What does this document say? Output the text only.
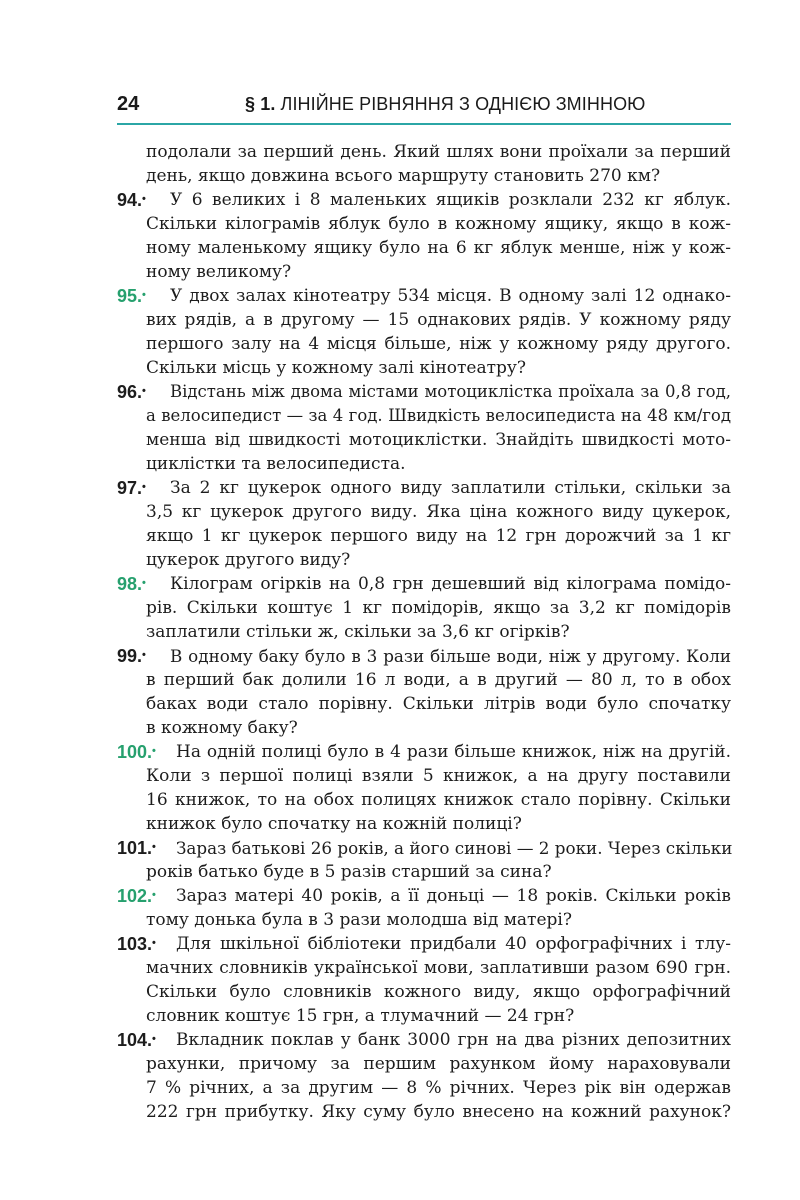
24	§ 1. ЛІНІЙНЕ РІВНЯННЯ З ОДНІЄЮ ЗМІННОЮ
подолали за перший день. Який шлях вони проїхали за перший
день, якщо довжина всього маршруту становить 270 км?
94.• У 6 великих і 8 маленьких ящиків розклали 232 кг яблук.
Скільки кілограмів яблук було в кожному ящику, якщо в кож-
ному маленькому ящику було на 6 кг яблук менше, ніж у кож-
ному великому?
95.• У двох залах кінотеатру 534 місця. В одному залі 12 однако-
вих рядів, а в другому — 15 однакових рядів. У кожному ряду
першого залу на 4 місця більше, ніж у кожному ряду другого.
Скільки місць у кожному залі кінотеатру?
96.• Відстань між двома містами мотоциклістка проїхала за 0,8 год,
а велосипедист — за 4 год. Швидкість велосипедиста на 48 км/год
менша від швидкості мотоциклістки. Знайдіть швидкості мото-
циклістки та велосипедиста.
97.• За 2 кг цукерок одного виду заплатили стільки, скільки за
3,5 кг цукерок другого виду. Яка ціна кожного виду цукерок,
якщо 1 кг цукерок першого виду на 12 грн дорожчий за 1 кг
цукерок другого виду?
98.• Кілограм огірків на 0,8 грн дешевший від кілограма помідо-
рів. Скільки коштує 1 кг помідорів, якщо за 3,2 кг помідорів
заплатили стільки ж, скільки за 3,6 кг огірків?
99.• В одному баку було в 3 рази більше води, ніж у другому. Коли
в перший бак долили 16 л води, а в другий — 80 л, то в обох
баках води стало порівну. Скільки літрів води було спочатку
в кожному баку?
100.• На одній полиці було в 4 рази більше книжок, ніж на другій.
Коли з першої полиці взяли 5 книжок, а на другу поставили
16 книжок, то на обох полицях книжок стало порівну. Скільки
книжок було спочатку на кожній полиці?
101.• Зараз батькові 26 років, а його синові — 2 роки. Через скільки
років батько буде в 5 разів старший за сина?
102.• Зараз матері 40 років, а її доньці — 18 років. Скільки років
тому донька була в 3 рази молодша від матері?
103.• Для шкільної бібліотеки придбали 40 орфографічних і тлу-
мачних словників української мови, заплативши разом 690 грн.
Скільки було словників кожного виду, якщо орфографічний
словник коштує 15 грн, а тлумачний — 24 грн?
104.• Вкладник поклав у банк 3000 грн на два різних депозитних
рахунки, причому за першим рахунком йому нараховували
7 % річних, а за другим — 8 % річних. Через рік він одержав
222 грн прибутку. Яку суму було внесено на кожний рахунок?
